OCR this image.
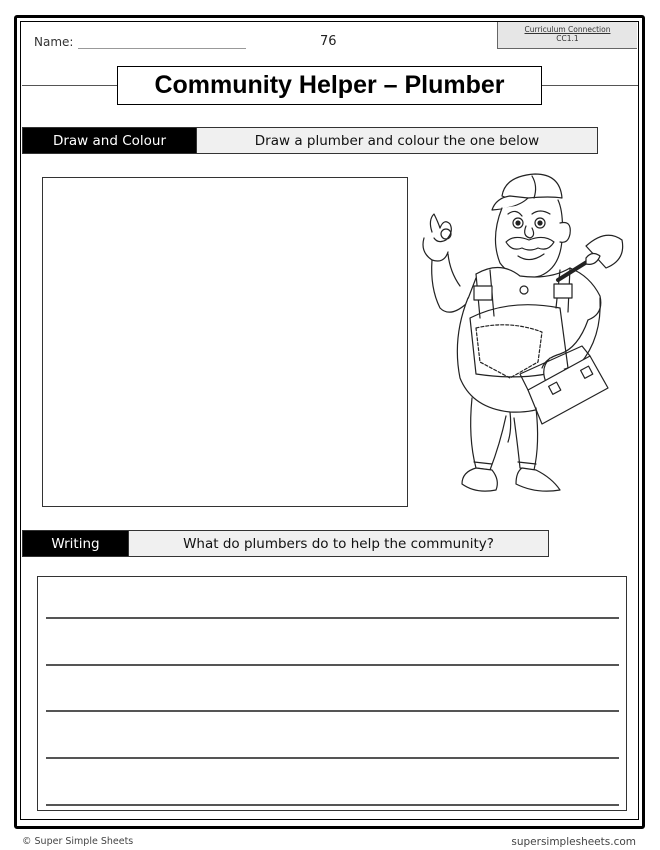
Name:	76
Curriculum Connection
CC1.1
Community Helper – Plumber
Draw and Colour	Draw a plumber and colour the one below
Writing	What do plumbers do to help the community?
© Super Simple Sheets	supersimplesheets.com
